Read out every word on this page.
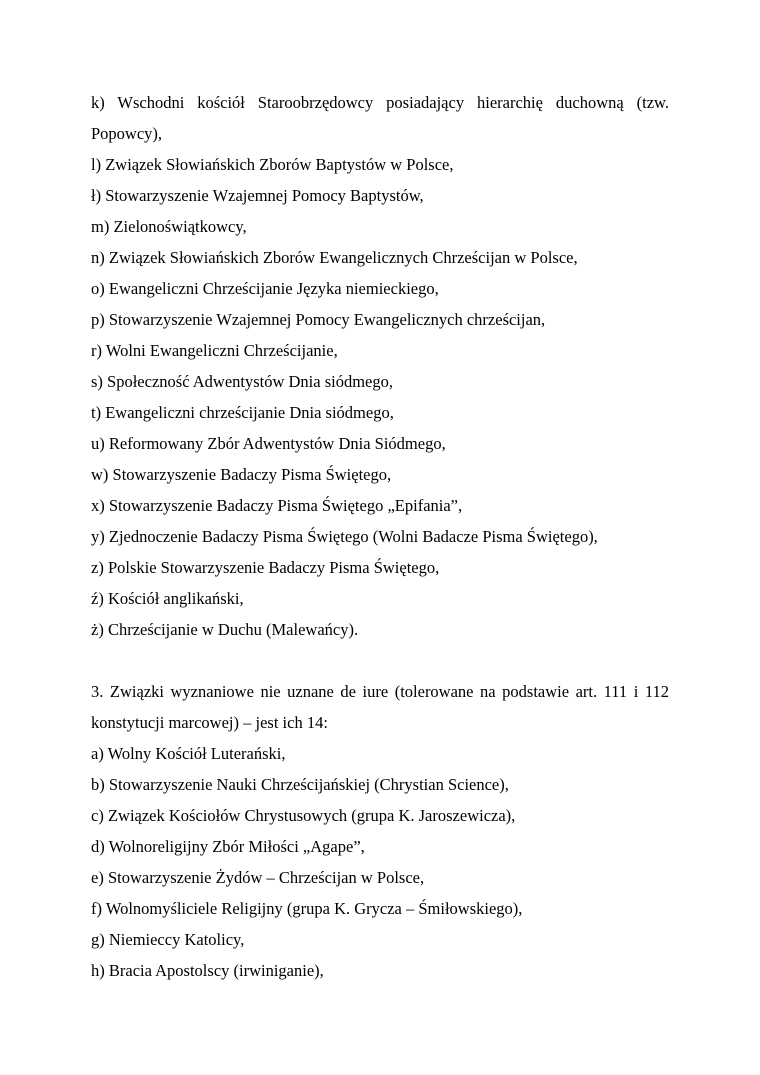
k) Wschodni kościół Staroobrzędowcy posiadający hierarchię duchowną (tzw. Popowcy),

l) Związek Słowiańskich Zborów Baptystów w Polsce,

ł) Stowarzyszenie Wzajemnej Pomocy Baptystów,

m) Zielonoświątkowcy,

n) Związek Słowiańskich Zborów Ewangelicznych Chrześcijan w Polsce,

o) Ewangeliczni Chrześcijanie Języka niemieckiego,

p) Stowarzyszenie Wzajemnej Pomocy Ewangelicznych chrześcijan,

r) Wolni Ewangeliczni Chrześcijanie,

s) Społeczność Adwentystów Dnia siódmego,

t) Ewangeliczni chrześcijanie Dnia siódmego,

u) Reformowany Zbór Adwentystów Dnia Siódmego,

w) Stowarzyszenie Badaczy Pisma Świętego,

x) Stowarzyszenie Badaczy Pisma Świętego „Epifania”,

y) Zjednoczenie Badaczy Pisma Świętego (Wolni Badacze Pisma Świętego),

z) Polskie Stowarzyszenie Badaczy Pisma Świętego,

ź) Kościół anglikański,

ż) Chrześcijanie w Duchu (Malewańcy).

3. Związki wyznaniowe nie uznane de iure (tolerowane na podstawie art. 111 i 112 konstytucji marcowej) – jest ich 14:

a) Wolny Kościół Luterański,

b) Stowarzyszenie Nauki Chrześcijańskiej (Chrystian Science),

c) Związek Kościołów Chrystusowych (grupa K. Jaroszewicza),

d) Wolnoreligijny Zbór Miłości „Agape”,

e) Stowarzyszenie Żydów – Chrześcijan w Polsce,

f) Wolnomyśliciele Religijny (grupa K. Grycza – Śmiłowskiego),

g) Niemieccy Katolicy,

h) Bracia Apostolscy (irwiniganie),
